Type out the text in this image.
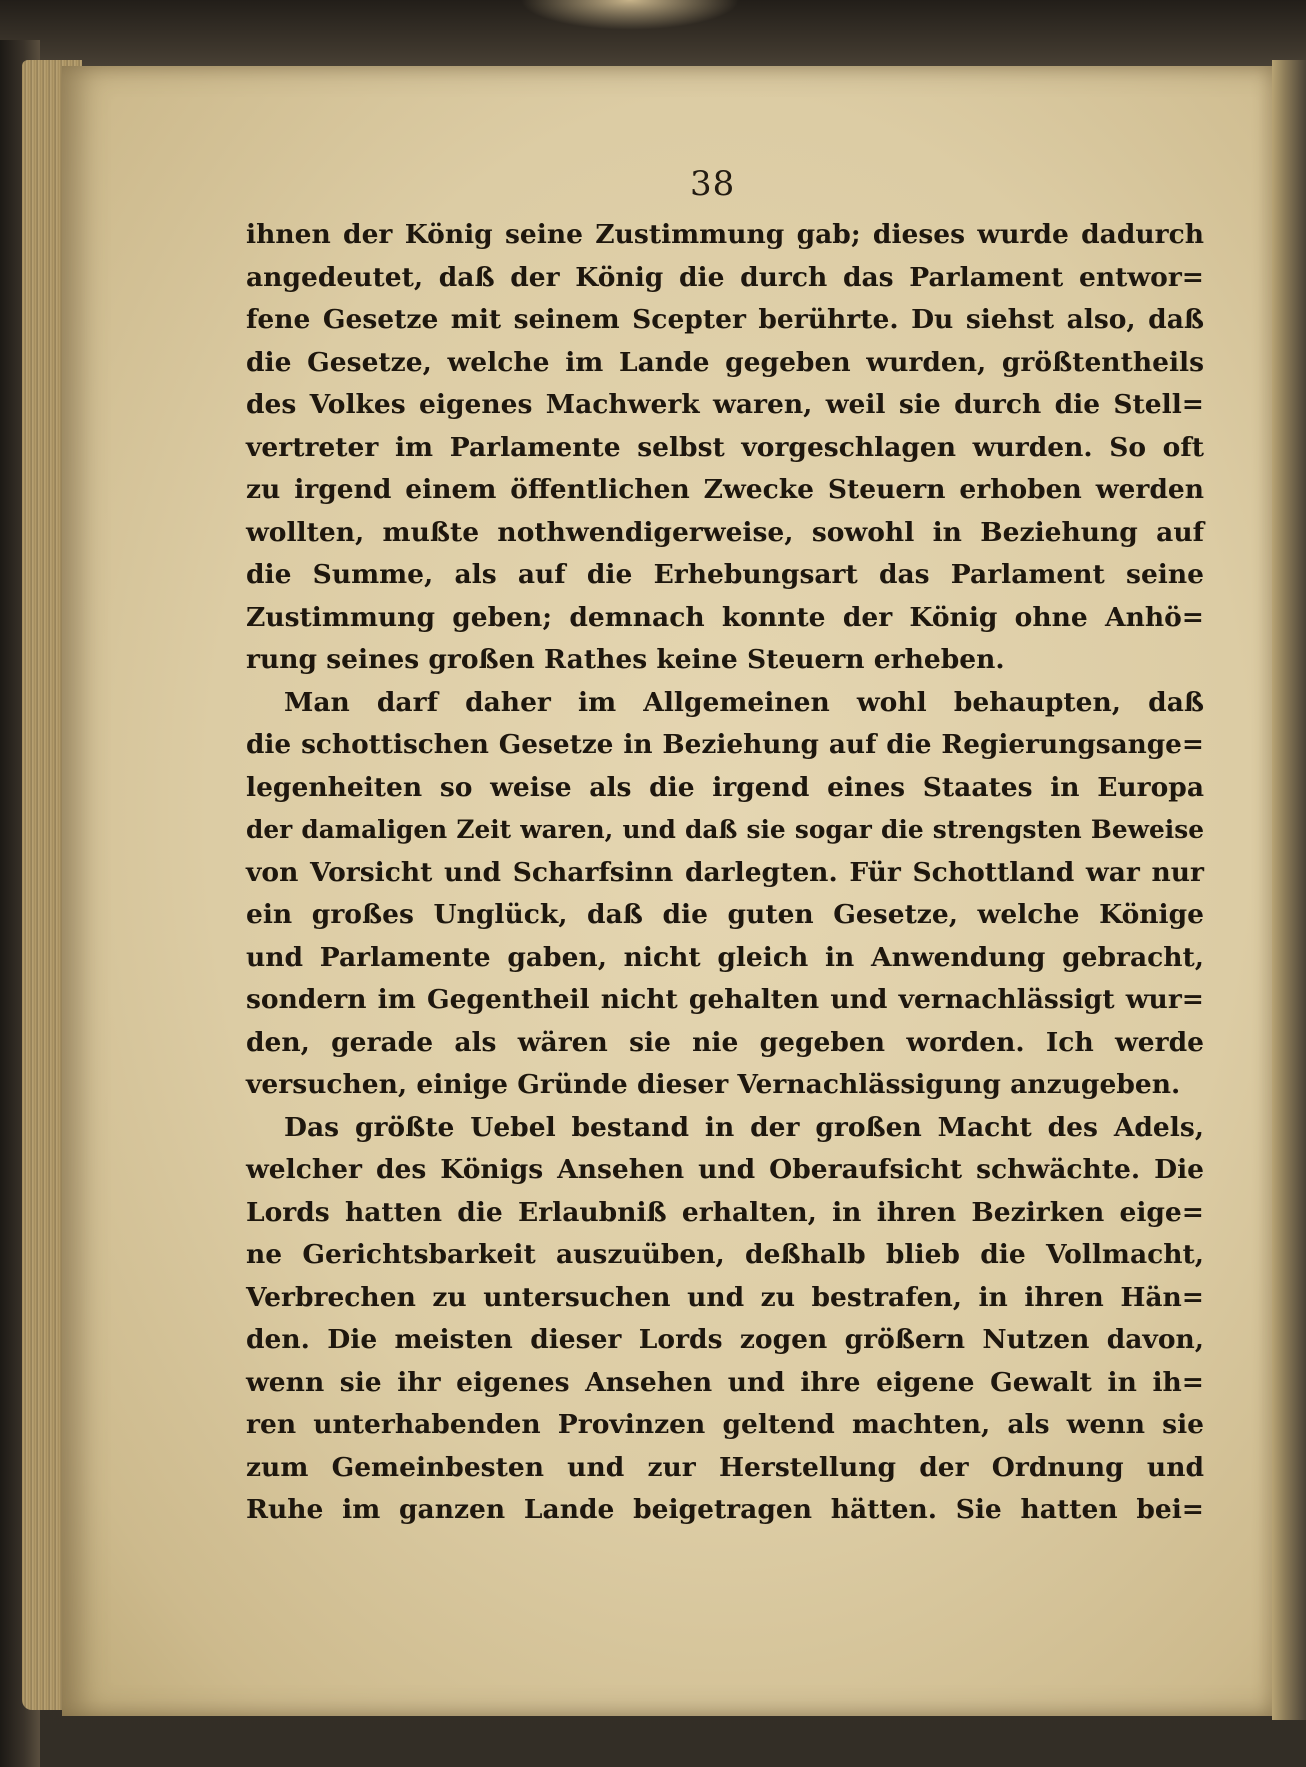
38
ihnen der König seine Zustimmung gab; dieses wurde dadurch
angedeutet, daß der König die durch das Parlament entwor=
fene Gesetze mit seinem Scepter berührte. Du siehst also, daß
die Gesetze, welche im Lande gegeben wurden, größtentheils
des Volkes eigenes Machwerk waren, weil sie durch die Stell=
vertreter im Parlamente selbst vorgeschlagen wurden. So oft
zu irgend einem öffentlichen Zwecke Steuern erhoben werden
wollten, mußte nothwendigerweise, sowohl in Beziehung auf
die Summe, als auf die Erhebungsart das Parlament seine
Zustimmung geben; demnach konnte der König ohne Anhö=
rung seines großen Rathes keine Steuern erheben.
Man darf daher im Allgemeinen wohl behaupten, daß
die schottischen Gesetze in Beziehung auf die Regierungsange=
legenheiten so weise als die irgend eines Staates in Europa
der damaligen Zeit waren, und daß sie sogar die strengsten Beweise
von Vorsicht und Scharfsinn darlegten. Für Schottland war nur
ein großes Unglück, daß die guten Gesetze, welche Könige
und Parlamente gaben, nicht gleich in Anwendung gebracht,
sondern im Gegentheil nicht gehalten und vernachlässigt wur=
den, gerade als wären sie nie gegeben worden. Ich werde
versuchen, einige Gründe dieser Vernachlässigung anzugeben.
Das größte Uebel bestand in der großen Macht des Adels,
welcher des Königs Ansehen und Oberaufsicht schwächte. Die
Lords hatten die Erlaubniß erhalten, in ihren Bezirken eige=
ne Gerichtsbarkeit auszuüben, deßhalb blieb die Vollmacht,
Verbrechen zu untersuchen und zu bestrafen, in ihren Hän=
den. Die meisten dieser Lords zogen größern Nutzen davon,
wenn sie ihr eigenes Ansehen und ihre eigene Gewalt in ih=
ren unterhabenden Provinzen geltend machten, als wenn sie
zum Gemeinbesten und zur Herstellung der Ordnung und
Ruhe im ganzen Lande beigetragen hätten. Sie hatten bei=
